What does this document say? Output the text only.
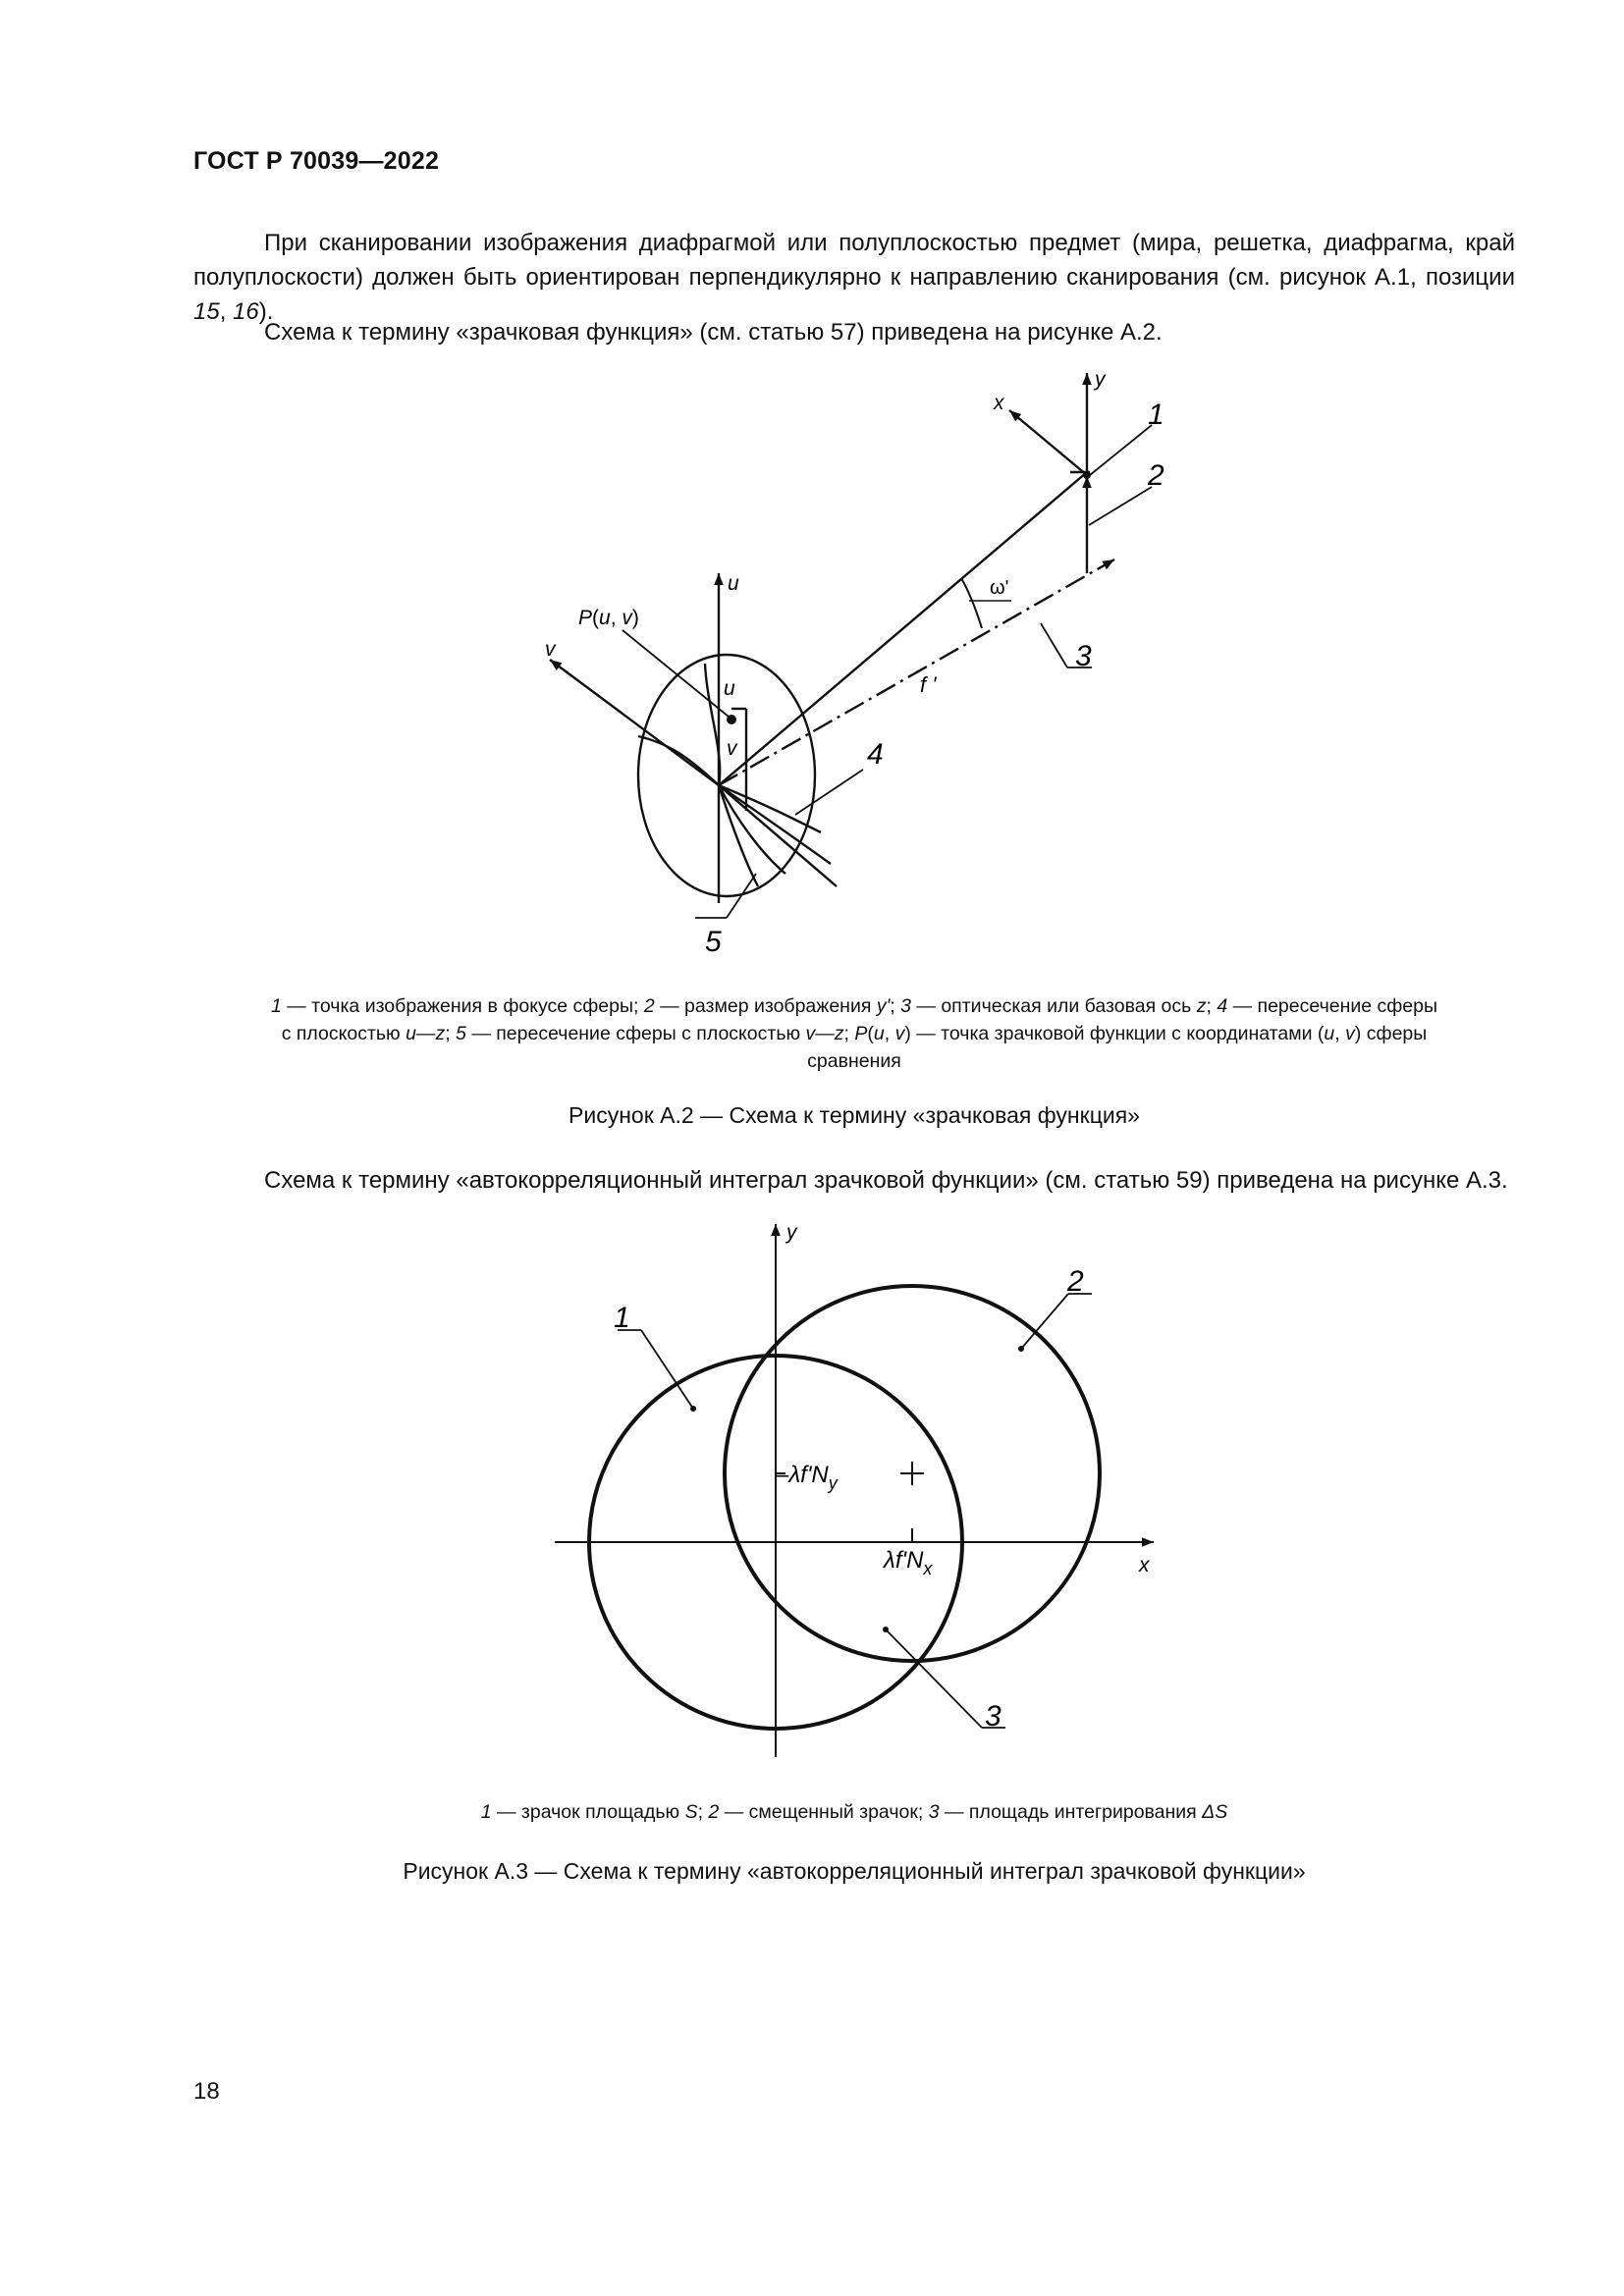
ГОСТ Р 70039—2022
При сканировании изображения диафрагмой или полуплоскостью предмет (мира, решетка, диафрагма, край полуплоскости) должен быть ориентирован перпендикулярно к направлению сканирования (см. рисунок А.1, позиции 15, 16).
Схема к термину «зрачковая функция» (см. статью 57) приведена на рисунке А.2.
x
y
u
v
u
v
P(u, v)
ω'
f '
1
2
3
4
5
1 — точка изображения в фокусе сферы; 2 — размер изображения y'; 3 — оптическая или базовая ось z; 4 — пересечение сферы
с плоскостью u—z; 5 — пересечение сферы с плоскостью v—z; P(u, v) — точка зрачковой функции с координатами (u, v) сферы
сравнения
Рисунок А.2 — Схема к термину «зрачковая функция»
Схема к термину «автокорреляционный интеграл зрачковой функции» (см. статью 59) приведена на рисунке А.3.
y
x
$-\lambda f'N_y$
$\lambda f'N_x$
1
2
3
1 — зрачок площадью S; 2 — смещенный зрачок; 3 — площадь интегрирования ΔS
Рисунок А.3 — Схема к термину «автокорреляционный интеграл зрачковой функции»
18
